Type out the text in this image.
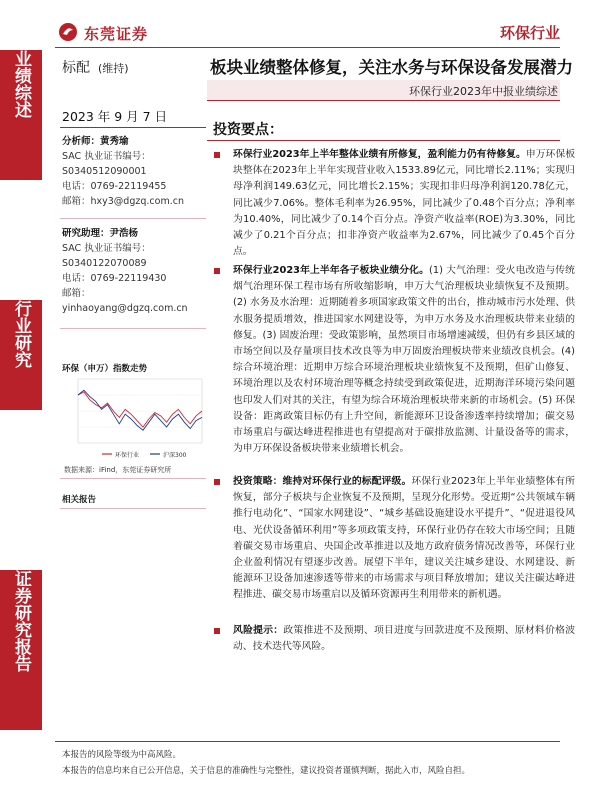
东莞证券	环保行业
业绩综述
行业研究
证券研究报告
标配 (维持)	板块业绩整体修复，关注水务与环保设备发展潜力
环保行业2023年中报业绩综述
2023 年 9 月 7 日
分析师：黄秀瑜
SAC 执业证书编号：
S0340512090001
电话：0769-22119455
邮箱：hxy3@dgzq.com.cn
研究助理：尹浩杨
SAC 执业证书编号：
S0340122070089
电话：0769-22119430
邮箱：
yinhaoyang@dgzq.com.cn
环保（申万）指数走势
环保行业	沪深300
数据来源：iFind，东莞证券研究所
相关报告
投资要点：
环保行业2023年上半年整体业绩有所修复，盈利能力仍有待修复。申万环保板块整体在2023年上半年实现营业收入1533.89亿元，同比增长2.11%；实现归母净利润149.63亿元，同比增长2.15%；实现扣非归母净利润120.78亿元，同比减少7.06%。整体毛利率为26.95%，同比减少了0.48个百分点；净利率为10.40%，同比减少了0.14个百分点。净资产收益率(ROE)为3.30%，同比减少了0.21个百分点；扣非净资产收益率为2.67%，同比减少了0.45个百分点。
环保行业2023年上半年各子板块业绩分化。(1) 大气治理：受火电改造与传统烟气治理环保工程市场有所收缩影响，申万大气治理板块业绩恢复不及预期。(2) 水务及水治理：近期随着多项国家政策文件的出台，推动城市污水处理、供水服务提质增效，推进国家水网建设等，为申万水务及水治理板块带来业绩的修复。(3) 固废治理：受政策影响，虽然项目市场增速减缓，但仍有乡县区域的市场空间以及存量项目技术改良等为申万固废治理板块带来业绩改良机会。(4) 综合环境治理：近期申万综合环境治理板块业绩恢复不及预期，但矿山修复、环境治理以及农村环境治理等概念持续受到政策促进，近期海洋环境污染问题也印发人们对其的关注，有望为综合环境治理板块带来新的市场机会。(5) 环保设备：距离政策目标仍有上升空间，新能源环卫设备渗透率持续增加；碳交易市场重启与碳达峰进程推进也有望提高对于碳排放监测、计量设备等的需求，为申万环保设备板块带来业绩增长机会。
投资策略：维持对环保行业的标配评级。环保行业2023年上半年业绩整体有所恢复，部分子板块与企业恢复不及预期，呈现分化形势。受近期“公共领域车辆推行电动化”、“国家水网建设”、“城乡基础设施建设水平提升”、“促进退役风电、光伏设备循环利用”等多项政策支持，环保行业仍存在较大市场空间；且随着碳交易市场重启、央国企改革推进以及地方政府债务情况改善等，环保行业企业盈利情况有望逐步改善。展望下半年，建议关注城乡建设、水网建设、新能源环卫设备加速渗透等带来的市场需求与项目释放增加；建议关注碳达峰进程推进、碳交易市场重启以及循环资源再生利用带来的新机遇。
风险提示：政策推进不及预期、项目进度与回款进度不及预期、原材料价格波动、技术迭代等风险。
本报告的风险等级为中高风险。
本报告的信息均来自已公开信息，关于信息的准确性与完整性，建议投资者谨慎判断，据此入市，风险自担。
